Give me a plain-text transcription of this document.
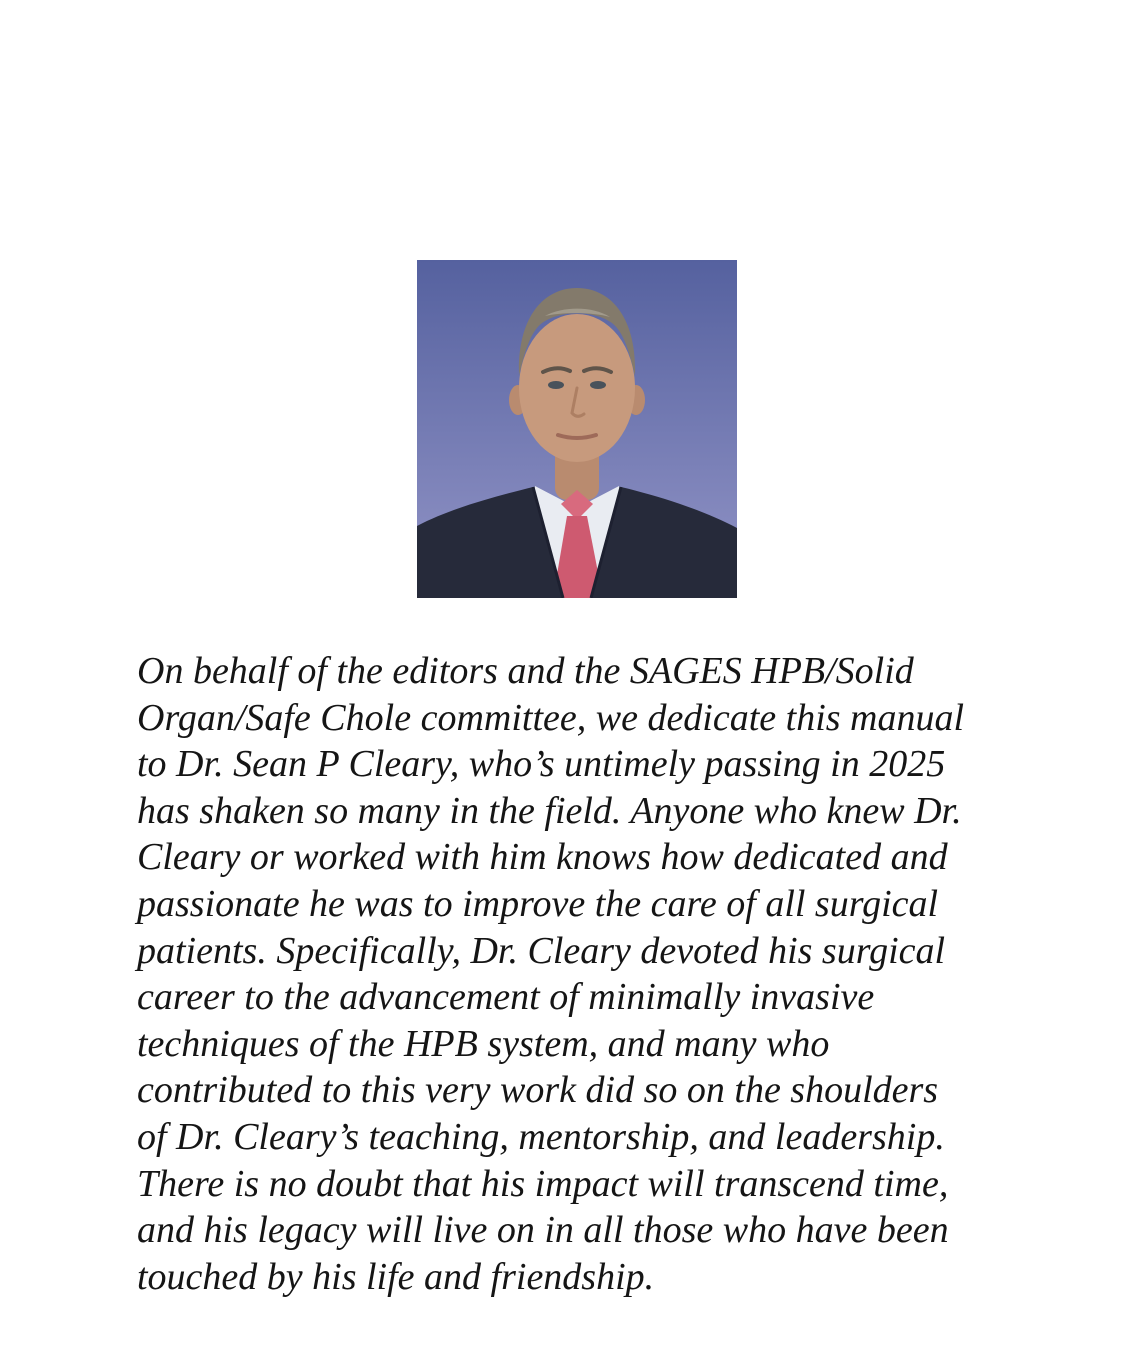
On behalf of the editors and the SAGES HPB/Solid
Organ/Safe Chole committee, we dedicate this manual
to Dr. Sean P Cleary, who’s untimely passing in 2025
has shaken so many in the field. Anyone who knew Dr.
Cleary or worked with him knows how dedicated and
passionate he was to improve the care of all surgical
patients. Specifically, Dr. Cleary devoted his surgical
career to the advancement of minimally invasive
techniques of the HPB system, and many who
contributed to this very work did so on the shoulders
of Dr. Cleary’s teaching, mentorship, and leadership.
There is no doubt that his impact will transcend time,
and his legacy will live on in all those who have been
touched by his life and friendship.
